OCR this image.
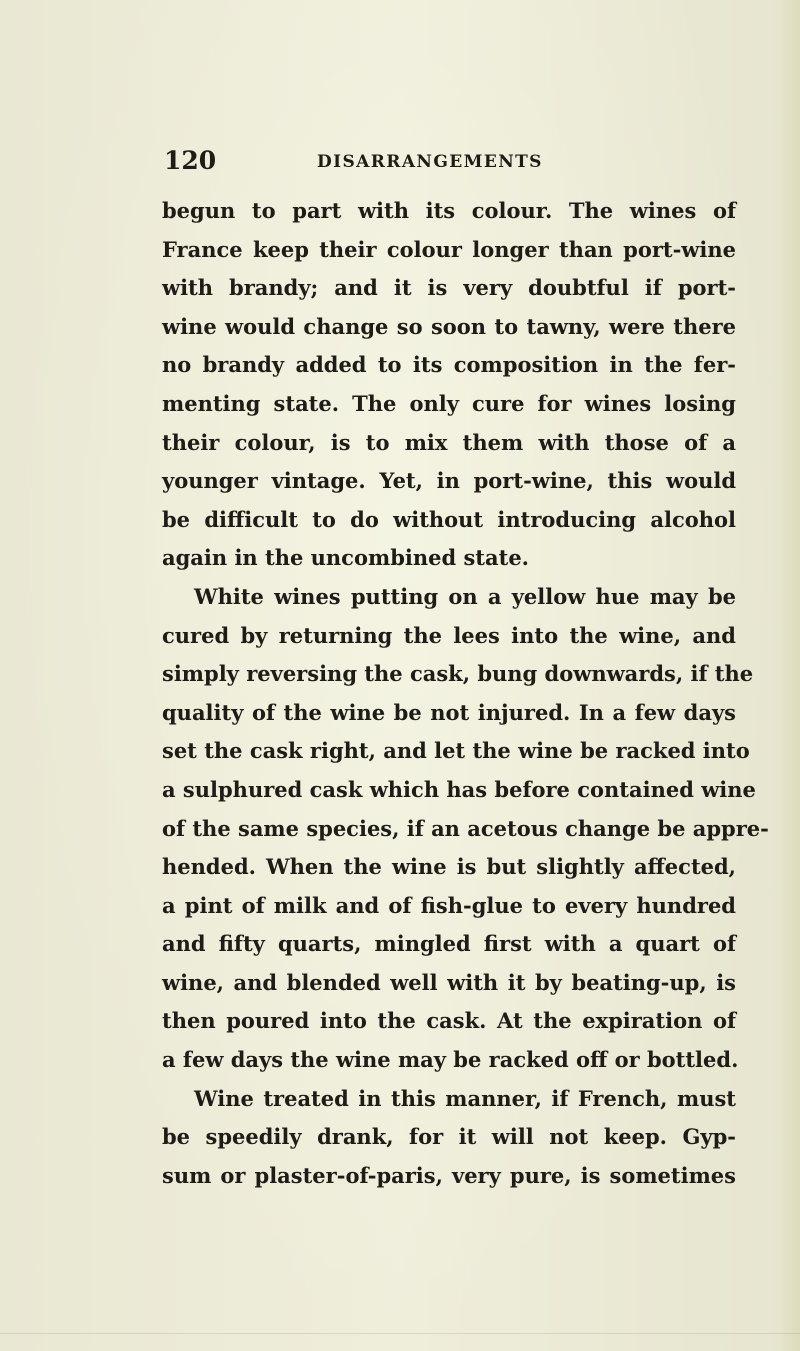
120	DISARRANGEMENTS
begun to part with its colour. The wines of
France keep their colour longer than port-wine
with brandy; and it is very doubtful if port-
wine would change so soon to tawny, were there
no brandy added to its composition in the fer-
menting state. The only cure for wines losing
their colour, is to mix them with those of a
younger vintage. Yet, in port-wine, this would
be difficult to do without introducing alcohol
again in the uncombined state.
White wines putting on a yellow hue may be
cured by returning the lees into the wine, and
simply reversing the cask, bung downwards, if the
quality of the wine be not injured. In a few days
set the cask right, and let the wine be racked into
a sulphured cask which has before contained wine
of the same species, if an acetous change be appre-
hended. When the wine is but slightly affected,
a pint of milk and of fish-glue to every hundred
and fifty quarts, mingled first with a quart of
wine, and blended well with it by beating-up, is
then poured into the cask. At the expiration of
a few days the wine may be racked off or bottled.
Wine treated in this manner, if French, must
be speedily drank, for it will not keep. Gyp-
sum or plaster-of-paris, very pure, is sometimes
